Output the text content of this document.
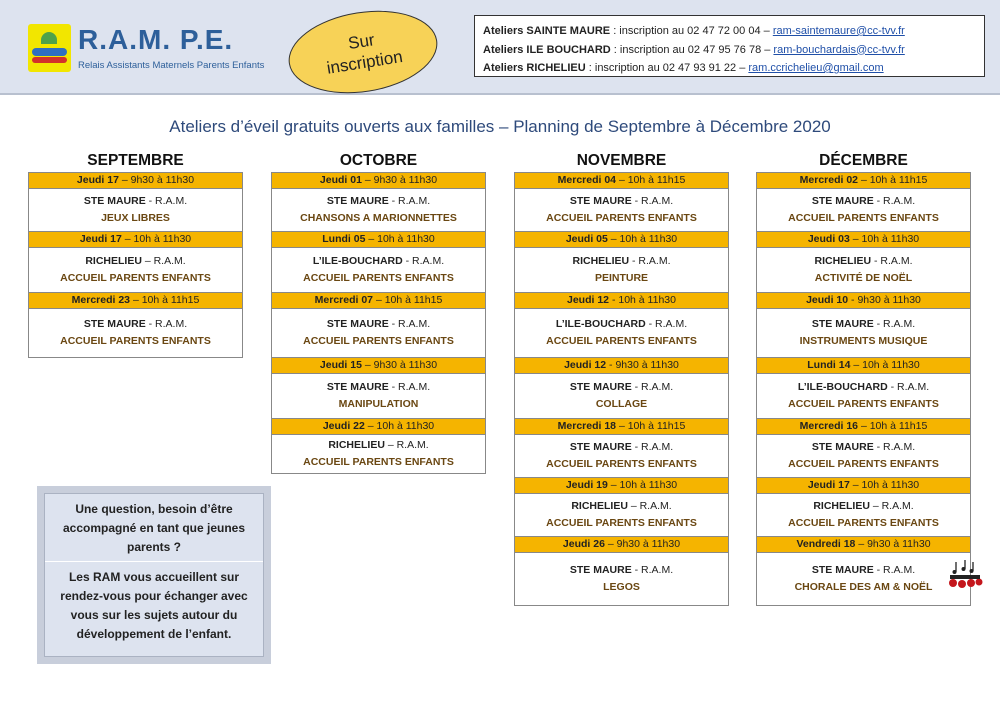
R.A.M. P.E.
Relais Assistants Maternels Parents Enfants
Sur
inscription
Ateliers SAINTE MAURE : inscription au 02 47 72 00 04 – ram-saintemaure@cc-tvv.fr
Ateliers ILE BOUCHARD : inscription au 02 47 95 76 78 – ram-bouchardais@cc-tvv.fr
Ateliers RICHELIEU : inscription au 02 47 93 91 22 – ram.ccrichelieu@gmail.com
Ateliers d’éveil gratuits ouverts aux familles – Planning de Septembre à Décembre 2020
SEPTEMBRE
Jeudi 17 – 9h30 à 11h30
STE MAURE - R.A.M.
JEUX LIBRES
Jeudi 17 – 10h à 11h30
RICHELIEU – R.A.M.
ACCUEIL PARENTS ENFANTS
Mercredi 23 – 10h à 11h15
STE MAURE - R.A.M.
ACCUEIL PARENTS ENFANTS
OCTOBRE
Jeudi 01 – 9h30 à 11h30
STE MAURE - R.A.M.
CHANSONS A MARIONNETTES
Lundi 05 – 10h à 11h30
L’ILE-BOUCHARD - R.A.M.
ACCUEIL PARENTS ENFANTS
Mercredi 07 – 10h à 11h15
STE MAURE - R.A.M.
ACCUEIL PARENTS ENFANTS
Jeudi 15 – 9h30 à 11h30
STE MAURE - R.A.M.
MANIPULATION
Jeudi 22 – 10h à 11h30
RICHELIEU – R.A.M.
ACCUEIL PARENTS ENFANTS
NOVEMBRE
Mercredi 04 – 10h à 11h15
STE MAURE - R.A.M.
ACCUEIL PARENTS ENFANTS
Jeudi 05 – 10h à 11h30
RICHELIEU - R.A.M.
PEINTURE
Jeudi 12 - 10h à 11h30
L’ILE-BOUCHARD - R.A.M.
ACCUEIL PARENTS ENFANTS
Jeudi 12 - 9h30 à 11h30
STE MAURE - R.A.M.
COLLAGE
Mercredi 18 – 10h à 11h15
STE MAURE - R.A.M.
ACCUEIL PARENTS ENFANTS
Jeudi 19 – 10h à 11h30
RICHELIEU – R.A.M.
ACCUEIL PARENTS ENFANTS
Jeudi 26 – 9h30 à 11h30
STE MAURE - R.A.M.
LEGOS
DÉCEMBRE
Mercredi 02 – 10h à 11h15
STE MAURE - R.A.M.
ACCUEIL PARENTS ENFANTS
Jeudi 03 – 10h à 11h30
RICHELIEU - R.A.M.
ACTIVITÉ DE NOËL
Jeudi 10 - 9h30 à 11h30
STE MAURE - R.A.M.
INSTRUMENTS MUSIQUE
Lundi 14 – 10h à 11h30
L’ILE-BOUCHARD - R.A.M.
ACCUEIL PARENTS ENFANTS
Mercredi 16 – 10h à 11h15
STE MAURE - R.A.M.
ACCUEIL PARENTS ENFANTS
Jeudi 17 – 10h à 11h30
RICHELIEU – R.A.M.
ACCUEIL PARENTS ENFANTS
Vendredi 18 – 9h30 à 11h30
STE MAURE - R.A.M.
CHORALE DES AM & NOËL
Une question, besoin d’être accompagné en tant que jeunes parents ?
Les RAM vous accueillent sur rendez-vous pour échanger avec vous sur les sujets autour du développement de l’enfant.
